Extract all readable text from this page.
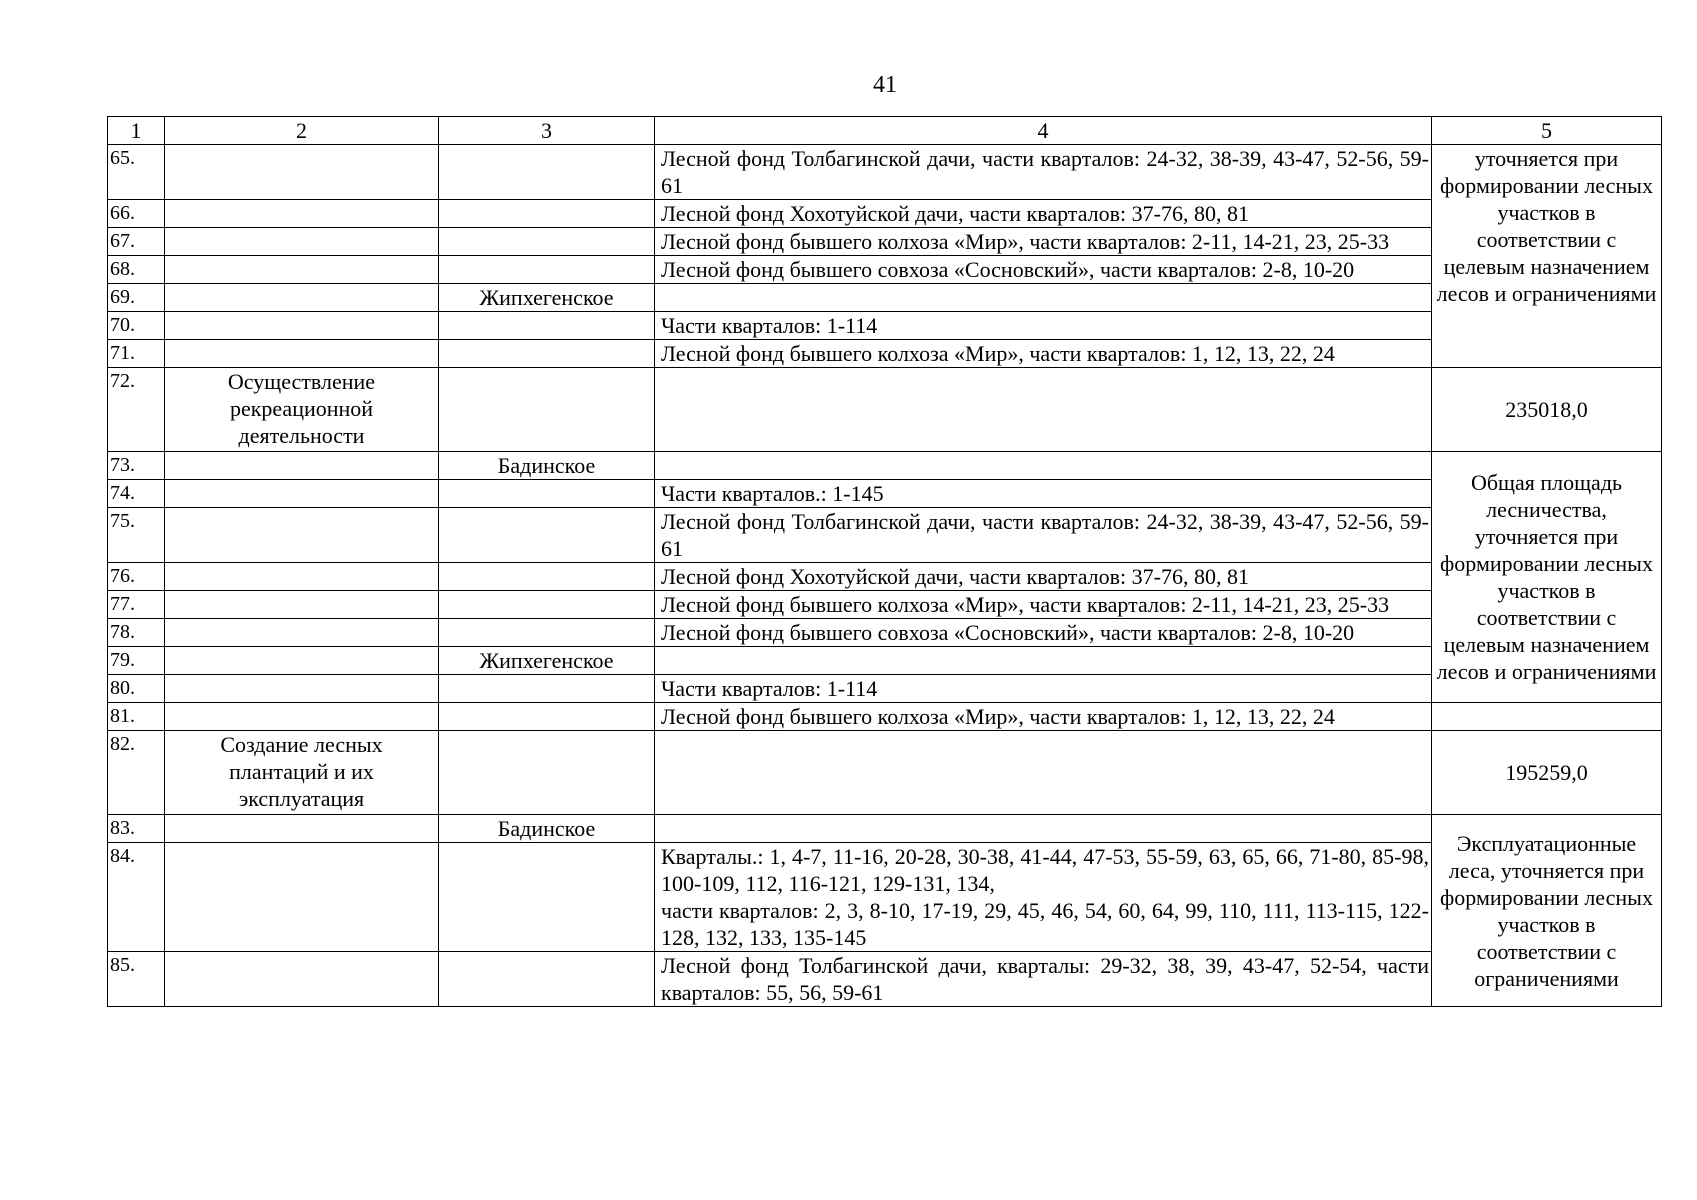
41
1	2	3	4	5
65.			Лесной фонд Толбагинской дачи, части кварталов: 24-32, 38-39, 43-47, 52-56, 59-61	уточняется при формировании лесных участков в соответствии с целевым назначением лесов и ограничениями
66.			Лесной фонд Хохотуйской дачи, части кварталов: 37-76, 80, 81	
67.			Лесной фонд бывшего колхоза «Мир», части кварталов: 2-11, 14-21, 23, 25-33	
68.			Лесной фонд бывшего совхоза «Сосновский», части кварталов: 2-8, 10-20	
69.		Жипхегенское		
70.			Части кварталов: 1-114	
71.			Лесной фонд бывшего колхоза «Мир», части кварталов: 1, 12, 13, 22, 24	
72.	Осуществление рекреационной деятельности			235018,0
73.		Бадинское		Общая площадь лесничества, уточняется при формировании лесных участков в соответствии с целевым назначением лесов и ограничениями
74.			Части кварталов.: 1-145	
75.			Лесной фонд Толбагинской дачи, части кварталов: 24-32, 38-39, 43-47, 52-56, 59-61	
76.			Лесной фонд Хохотуйской дачи, части кварталов: 37-76, 80, 81	
77.			Лесной фонд бывшего колхоза «Мир», части кварталов: 2-11, 14-21, 23, 25-33	
78.			Лесной фонд бывшего совхоза «Сосновский», части кварталов: 2-8, 10-20	
79.		Жипхегенское		
80.			Части кварталов: 1-114	
81.			Лесной фонд бывшего колхоза «Мир», части кварталов: 1, 12, 13, 22, 24	
82.	Создание лесных плантаций и их эксплуатация			195259,0
83.		Бадинское		Эксплуатационные леса, уточняется при формировании лесных участков в соответствии с ограничениями
84.			Кварталы.: 1, 4-7, 11-16, 20-28, 30-38, 41-44, 47-53, 55-59, 63, 65, 66, 71-80, 85-98, 100-109, 112, 116-121, 129-131, 134,
части кварталов: 2, 3, 8-10, 17-19, 29, 45, 46, 54, 60, 64, 99, 110, 111, 113-115, 122-128, 132, 133, 135-145	

85.			Лесной фонд Толбагинской дачи, кварталы: 29-32, 38, 39, 43-47, 52-54, части кварталов: 55, 56, 59-61	
